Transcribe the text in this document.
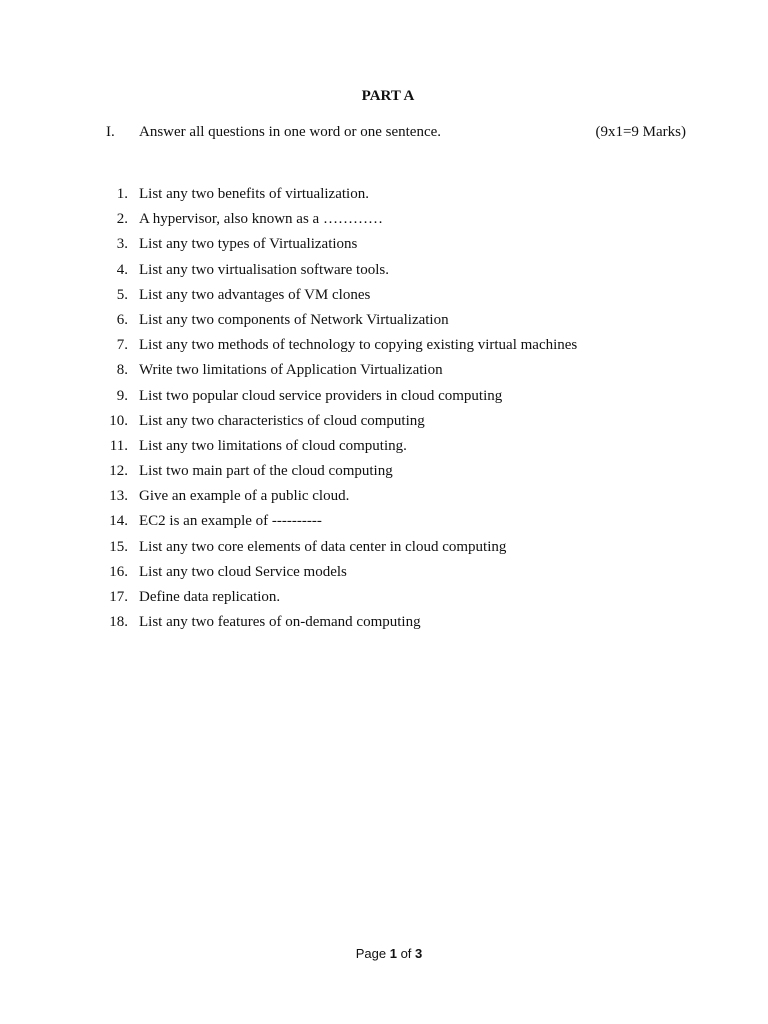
PART A
I. Answer all questions in one word or one sentence.	(9x1=9 Marks)
1. List any two benefits of virtualization.
2. A hypervisor, also known as a …………
3. List any two types of Virtualizations
4. List any two virtualisation software tools.
5. List any two advantages of VM clones
6. List any two components of Network Virtualization
7. List any two methods of technology to copying existing virtual machines
8. Write two limitations of Application Virtualization
9. List two popular cloud service providers in cloud computing
10. List any two characteristics of cloud computing
11. List any two limitations of cloud computing.
12. List two main part of the cloud computing
13. Give an example of a public cloud.
14. EC2 is an example of ----------
15. List any two core elements of data center in cloud computing
16. List any two cloud Service models
17. Define data replication.
18. List any two features of on-demand computing
Page 1 of 3
